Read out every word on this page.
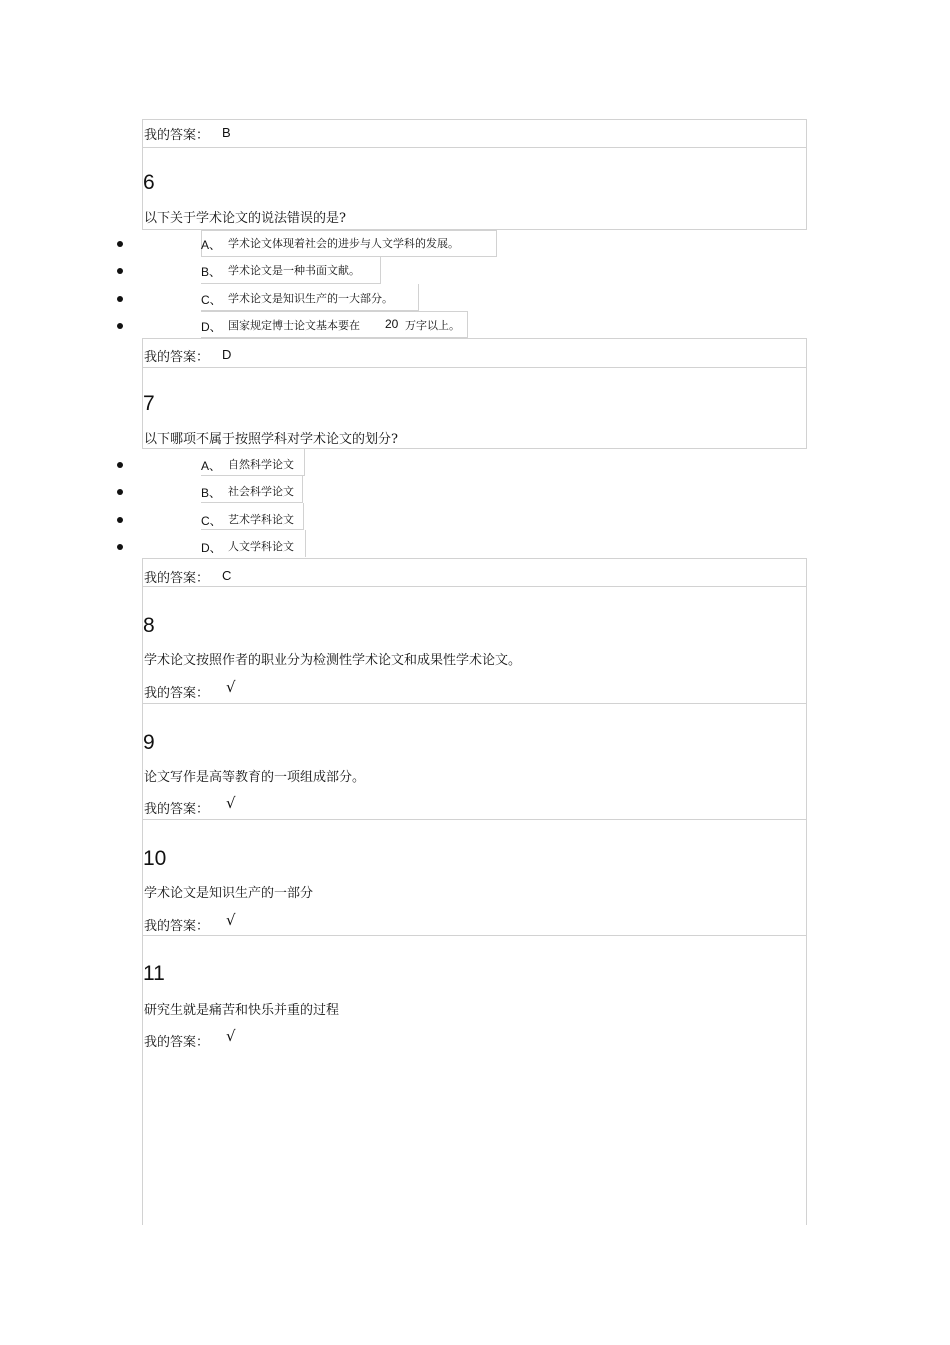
我的答案： B
6
以下关于学术论文的说法错误的是?
A、 学术论文体现着社会的进步与人文学科的发展。
B、 学术论文是一种书面文献。
C、 学术论文是知识生产的一大部分。
D、 国家规定博士论文基本要在 20 万字以上。
我的答案： D
7
以下哪项不属于按照学科对学术论文的划分?
A、 自然科学论文
B、 社会科学论文
C、 艺术学科论文
D、 人文学科论文
我的答案： C
8
学术论文按照作者的职业分为检测性学术论文和成果性学术论文。
我的答案： √
9
论文写作是高等教育的一项组成部分。
我的答案： √
10
学术论文是知识生产的一部分
我的答案： √
11
研究生就是痛苦和快乐并重的过程
我的答案： √
